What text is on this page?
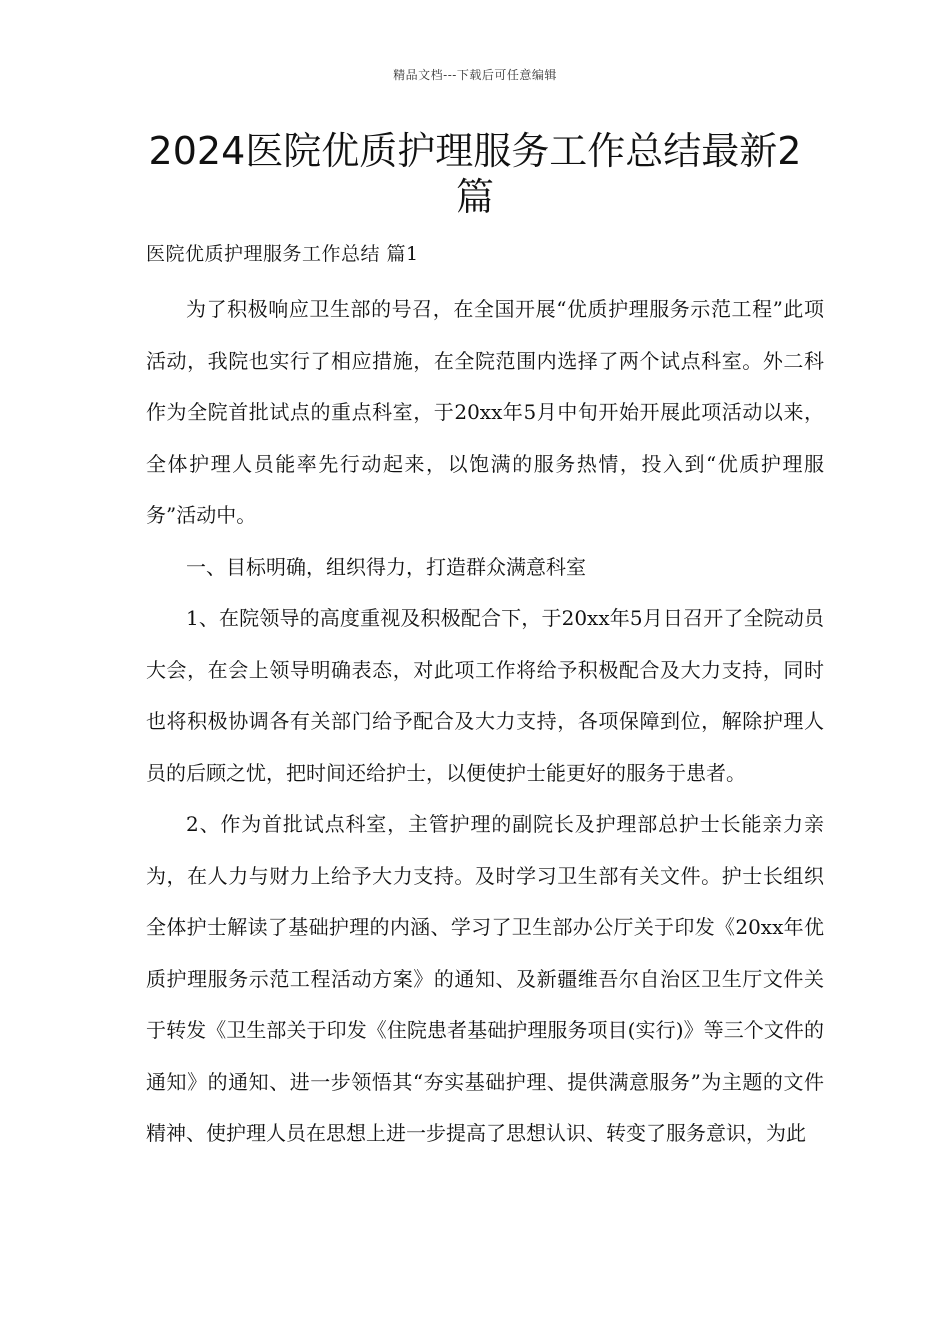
精品文档---下载后可任意编辑
2024医院优质护理服务工作总结最新2篇
医院优质护理服务工作总结 篇1

为了积极响应卫生部的号召，在全国开展“优质护理服务示范工程”此项活动，我院也实行了相应措施，在全院范围内选择了两个试点科室。外二科作为全院首批试点的重点科室，于20xx年5月中旬开始开展此项活动以来，全体护理人员能率先行动起来，以饱满的服务热情，投入到“优质护理服务”活动中。

一、目标明确，组织得力，打造群众满意科室

1、在院领导的高度重视及积极配合下，于20xx年5月日召开了全院动员大会，在会上领导明确表态，对此项工作将给予积极配合及大力支持，同时也将积极协调各有关部门给予配合及大力支持，各项保障到位，解除护理人员的后顾之忧，把时间还给护士，以便使护士能更好的服务于患者。

2、作为首批试点科室，主管护理的副院长及护理部总护士长能亲力亲为，在人力与财力上给予大力支持。及时学习卫生部有关文件。护士长组织全体护士解读了基础护理的内涵、学习了卫生部办公厅关于印发《20xx年优质护理服务示范工程活动方案》的通知、及新疆维吾尔自治区卫生厅文件关于转发《卫生部关于印发《住院患者基础护理服务项目(实行)》等三个文件的通知》的通知、进一步领悟其“夯实基础护理、提供满意服务”为主题的文件精神、使护理人员在思想上进一步提高了思想认识、转变了服务意识，为此
